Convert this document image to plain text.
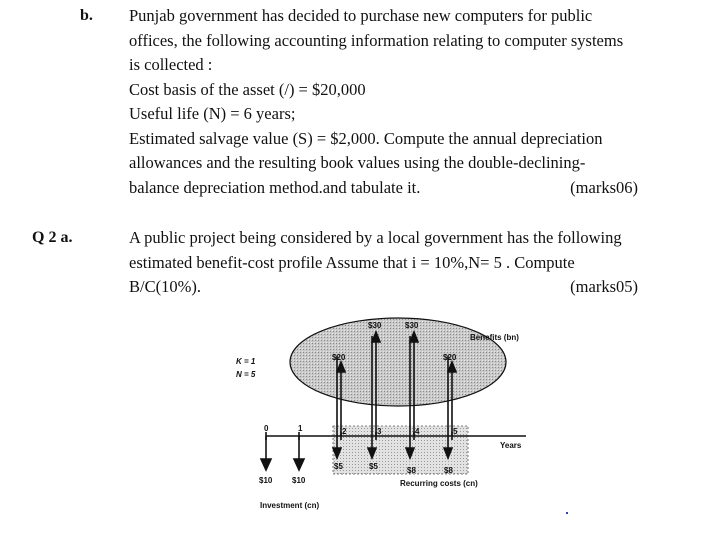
b. Punjab government has decided to purchase new computers for public
offices, the following accounting information relating to computer systems
is collected :
Cost basis of the asset (/) = $20,000
Useful life (N) = 6 years;
Estimated salvage value (S) = $2,000. Compute the annual depreciation
allowances and the resulting book values using the double-declining-
balance depreciation method.and tabulate it.	(marks06)
Q 2 a.	A public project being considered by a local government has the following
estimated benefit-cost profile Assume that i = 10%,N= 5 . Compute
B/C(10%).	(marks05)
K = 1
N = 5
$20
$30	$30
$20
Benefits (bn)
0	1	2	3	4	5
Years
$5	$5	$8	$8
Recurring costs (cn)
$10 $10
Investment (cn)
